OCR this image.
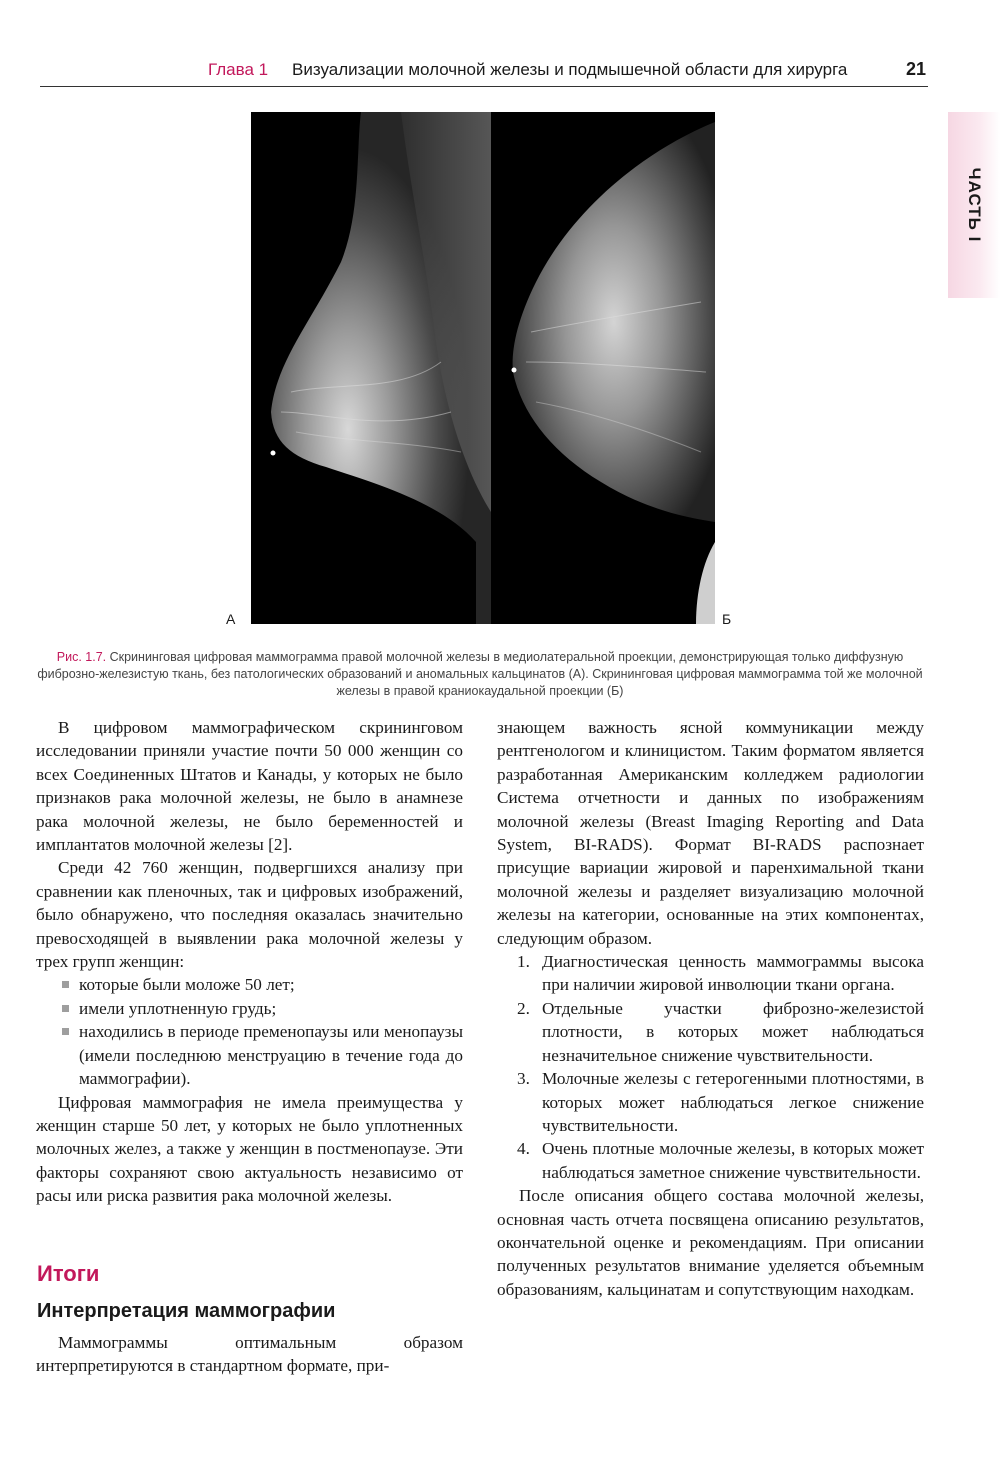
Глава 1 Визуализации молочной железы и подмышечной области для хирурга	21
ЧАСТЬ I
А	Б
Рис. 1.7. Скрининговая цифровая маммограмма правой молочной железы в медиолатеральной проекции, демонстрирующая только диффузную фиброзно-железистую ткань, без патологических образований и аномальных кальцинатов (А). Скрининговая цифровая маммограмма той же молочной железы в правой краниокаудальной проекции (Б)

В цифровом маммографическом скрининговом исследовании приняли участие почти 50 000 женщин со всех Соединенных Штатов и Канады, у которых не было признаков рака молочной железы, не было в анамнезе рака молочной железы, не было беременностей и имплантатов молочной железы [2].

Среди 42 760 женщин, подвергшихся анализу при сравнении как пленочных, так и цифровых изображений, было обнаружено, что последняя оказалась значительно превосходящей в выявлении рака молочной железы у трех групп женщин:

которые были моложе 50 лет;
имели уплотненную грудь;
находились в периоде пременопаузы или менопаузы (имели последнюю менструацию в течение года до маммографии).

Цифровая маммография не имела преимущества у женщин старше 50 лет, у которых не было уплотненных молочных желез, а также у женщин в постменопаузе. Эти факторы сохраняют свою актуальность независимо от расы или риска развития рака молочной железы.

Итоги
Интерпретация маммографии

Маммограммы оптимальным образом интерпретируются в стандартном формате, при-

знающем важность ясной коммуникации между рентгенологом и клиницистом. Таким форматом является разработанная Американским колледжем радиологии Система отчетности и данных по изображениям молочной железы (Breast Imaging Reporting and Data System, BI-RADS). Формат BI-RADS распознает присущие вариации жировой и паренхимальной ткани молочной железы и разделяет визуализацию молочной железы на категории, основанные на этих компонентах, следующим образом.

1. Диагностическая ценность маммограммы высока при наличии жировой инволюции ткани органа.
2. Отдельные участки фиброзно-железистой плотности, в которых может наблюдаться незначительное снижение чувствительности.
3. Молочные железы с гетерогенными плотностями, в которых может наблюдаться легкое снижение чувствительности.
4. Очень плотные молочные железы, в которых может наблюдаться заметное снижение чувствительности.

После описания общего состава молочной железы, основная часть отчета посвящена описанию результатов, окончательной оценке и рекомендациям. При описании полученных результатов внимание уделяется объемным образованиям, кальцинатам и сопутствующим находкам.
